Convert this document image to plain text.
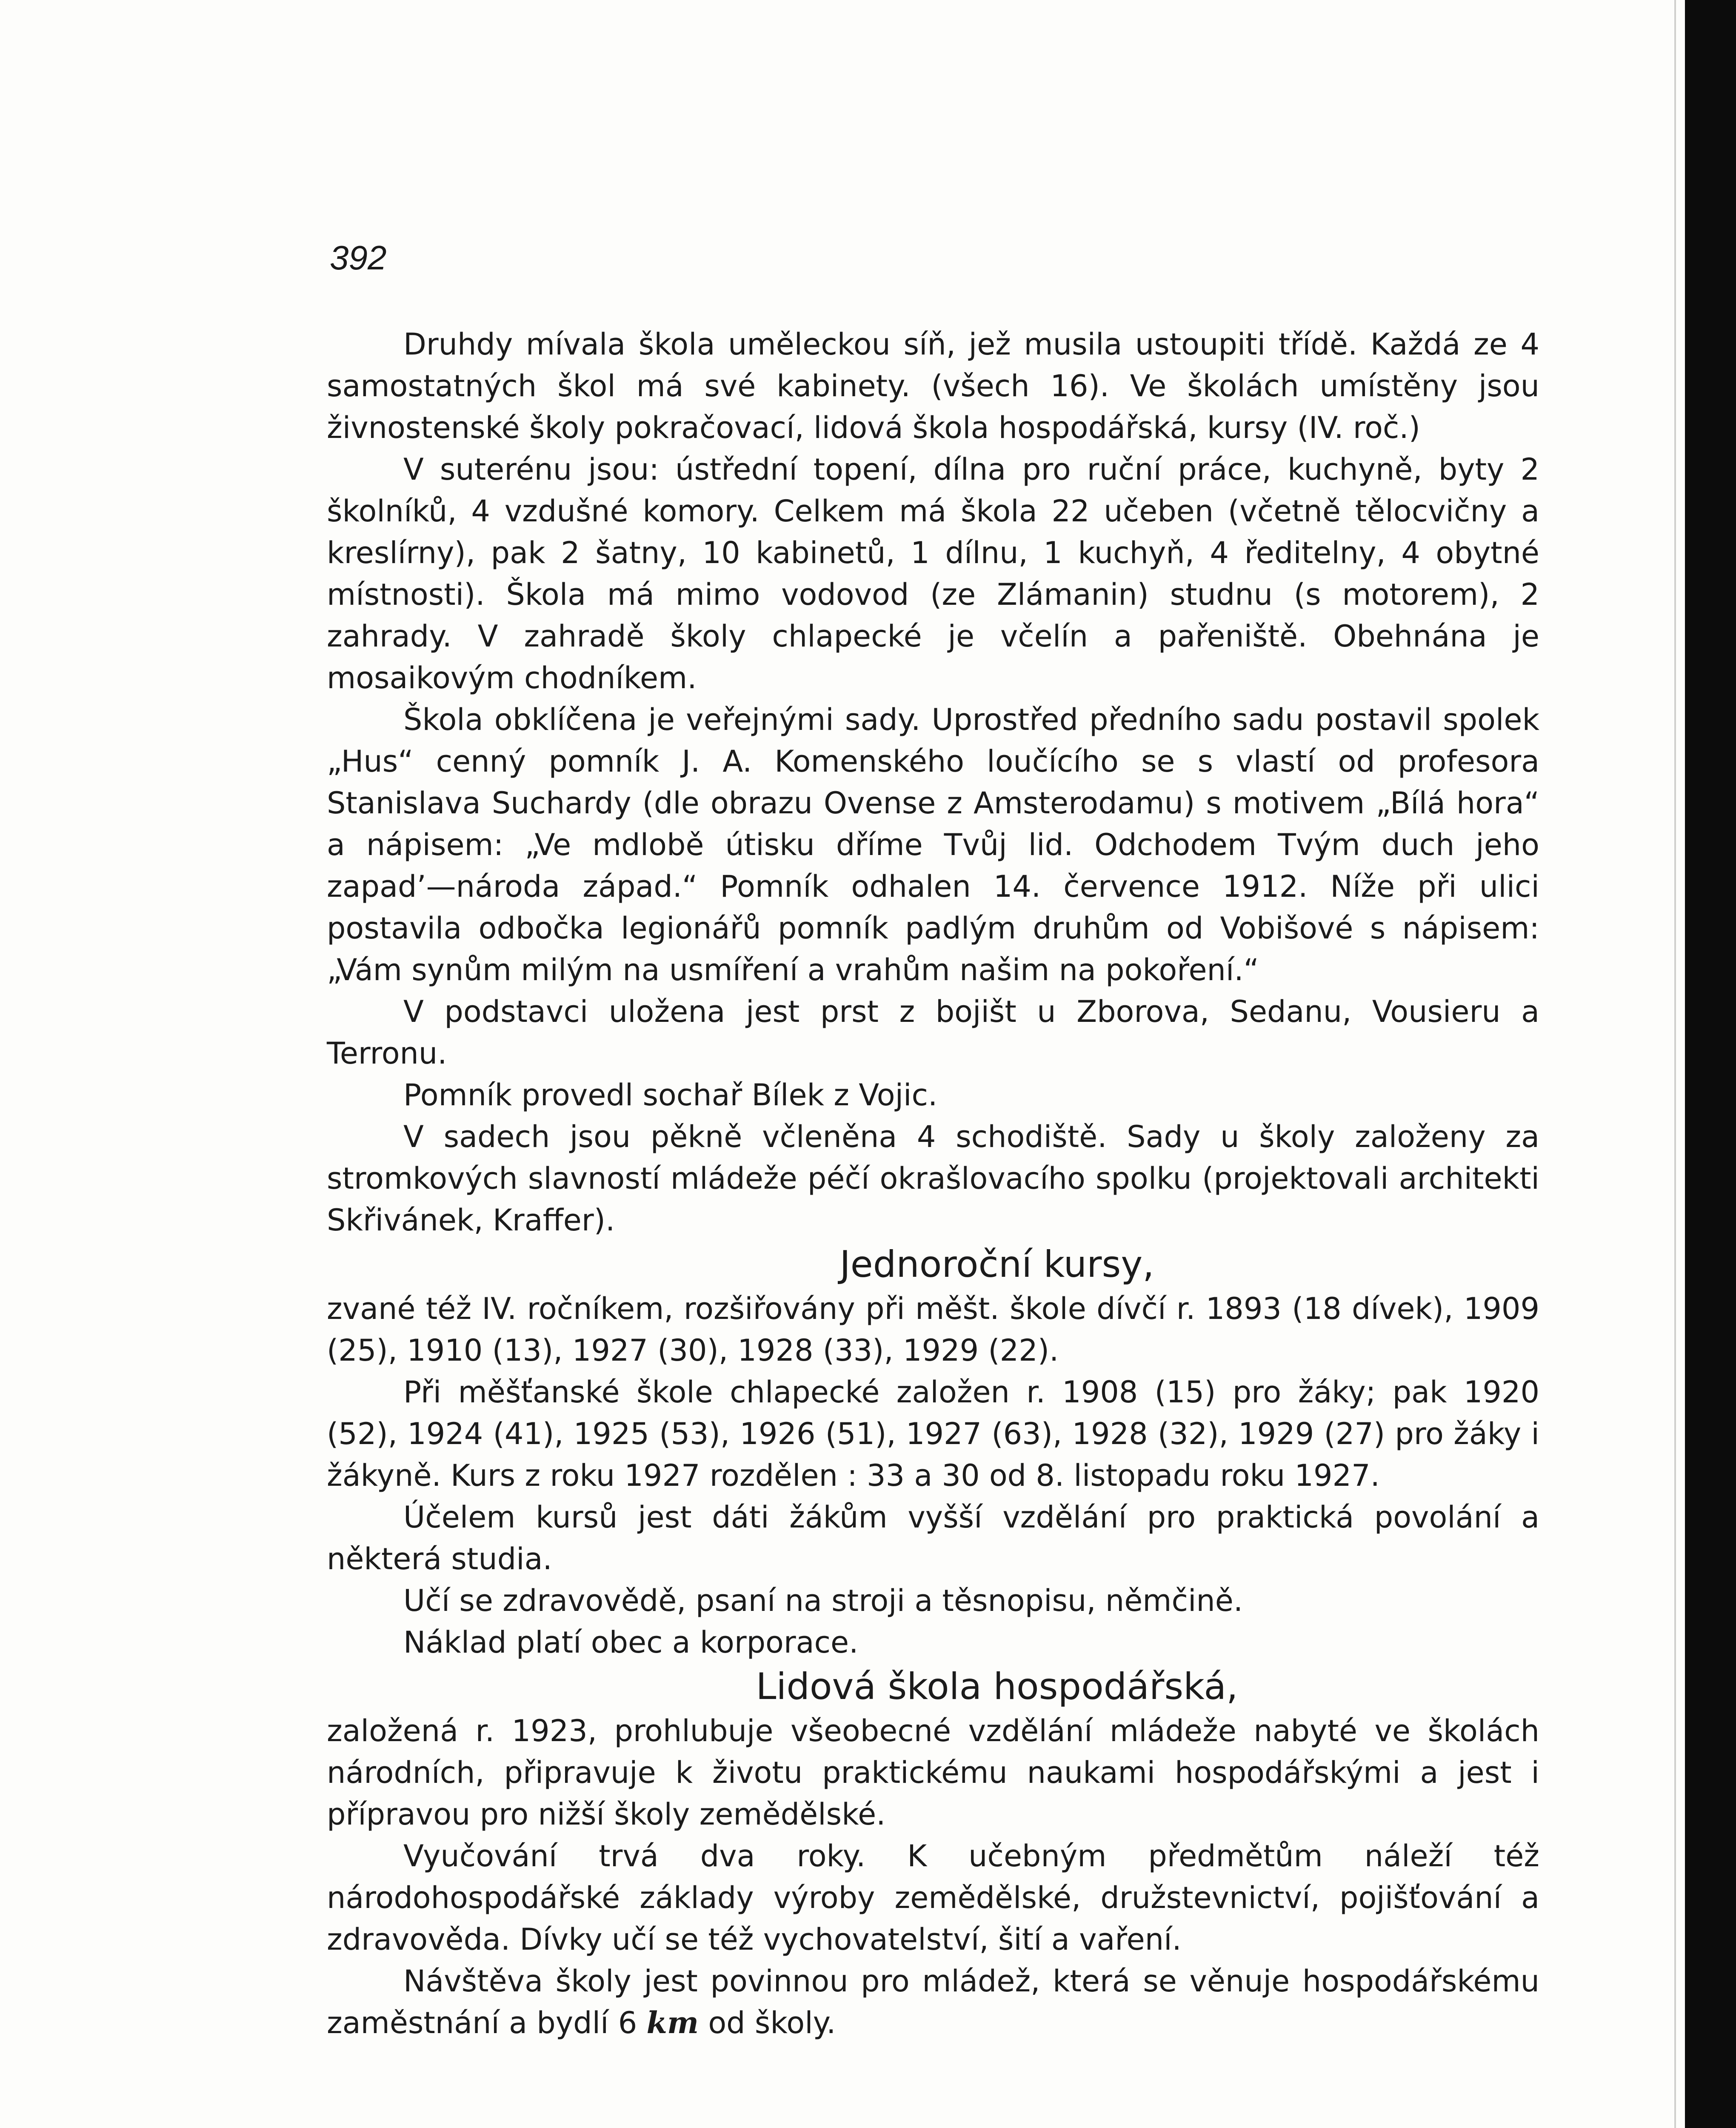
392

Druhdy mívala škola uměleckou síň, jež musila ustoupiti třídě. Každá ze 4 samostatných škol má své kabinety. (všech 16). Ve školách umístěny jsou živnostenské školy pokračovací, lidová škola hospodářská, kursy (IV. roč.)

V suterénu jsou: ústřední topení, dílna pro ruční práce, kuchyně, byty 2 školníků, 4 vzdušné komory. Celkem má škola 22 učeben (včetně tělocvičny a kreslírny), pak 2 šatny, 10 kabinetů, 1 dílnu, 1 kuchyň, 4 ředitelny, 4 obytné místnosti). Škola má mimo vodovod (ze Zlámanin) studnu (s motorem), 2 zahrady. V zahradě školy chlapecké je včelín a pařeniště. Obehnána je mosaikovým chodníkem.

Škola obklíčena je veřejnými sady. Uprostřed předního sadu postavil spolek „Hus“ cenný pomník J. A. Komenského loučícího se s vlastí od profesora Stanislava Suchardy (dle obrazu Ovense z Amsterodamu) s motivem „Bílá hora“ a nápisem: „Ve mdlobě útisku dříme Tvůj lid. Odchodem Tvým duch jeho zapad’—národa západ.“ Pomník odhalen 14. července 1912. Níže při ulici postavila odbočka legionářů pomník padlým druhům od Vobišové s nápisem: „Vám synům milým na usmíření a vrahům našim na pokoření.“

V podstavci uložena jest prst z bojišt u Zborova, Sedanu, Vousieru a Terronu.

Pomník provedl sochař Bílek z Vojic.

V sadech jsou pěkně včleněna 4 schodiště. Sady u školy založeny za stromkových slavností mládeže péčí okrašlovacího spolku (projektovali architekti Skřivánek, Kraffer).

Jednoroční kursy,

zvané též IV. ročníkem, rozšiřovány při měšt. škole dívčí r. 1893 (18 dívek), 1909 (25), 1910 (13), 1927 (30), 1928 (33), 1929 (22).

Při měšťanské škole chlapecké založen r. 1908 (15) pro žáky; pak 1920 (52), 1924 (41), 1925 (53), 1926 (51), 1927 (63), 1928 (32), 1929 (27) pro žáky i žákyně. Kurs z roku 1927 rozdělen : 33 a 30 od 8. listopadu roku 1927.

Účelem kursů jest dáti žákům vyšší vzdělání pro praktická povolání a některá studia.

Učí se zdravovědě, psaní na stroji a těsnopisu, němčině.

Náklad platí obec a korporace.

Lidová škola hospodářská,

založená r. 1923, prohlubuje všeobecné vzdělání mládeže nabyté ve školách národních, připravuje k životu praktickému naukami hospodářskými a jest i přípravou pro nižší školy zemědělské.

Vyučování trvá dva roky. K učebným předmětům náleží též národohospodářské základy výroby zemědělské, družstevnictví, pojišťování a zdravověda. Dívky učí se též vychovatelství, šití a vaření.

Návštěva školy jest povinnou pro mládež, která se věnuje hospodářskému zaměstnání a bydlí 6 km od školy.
